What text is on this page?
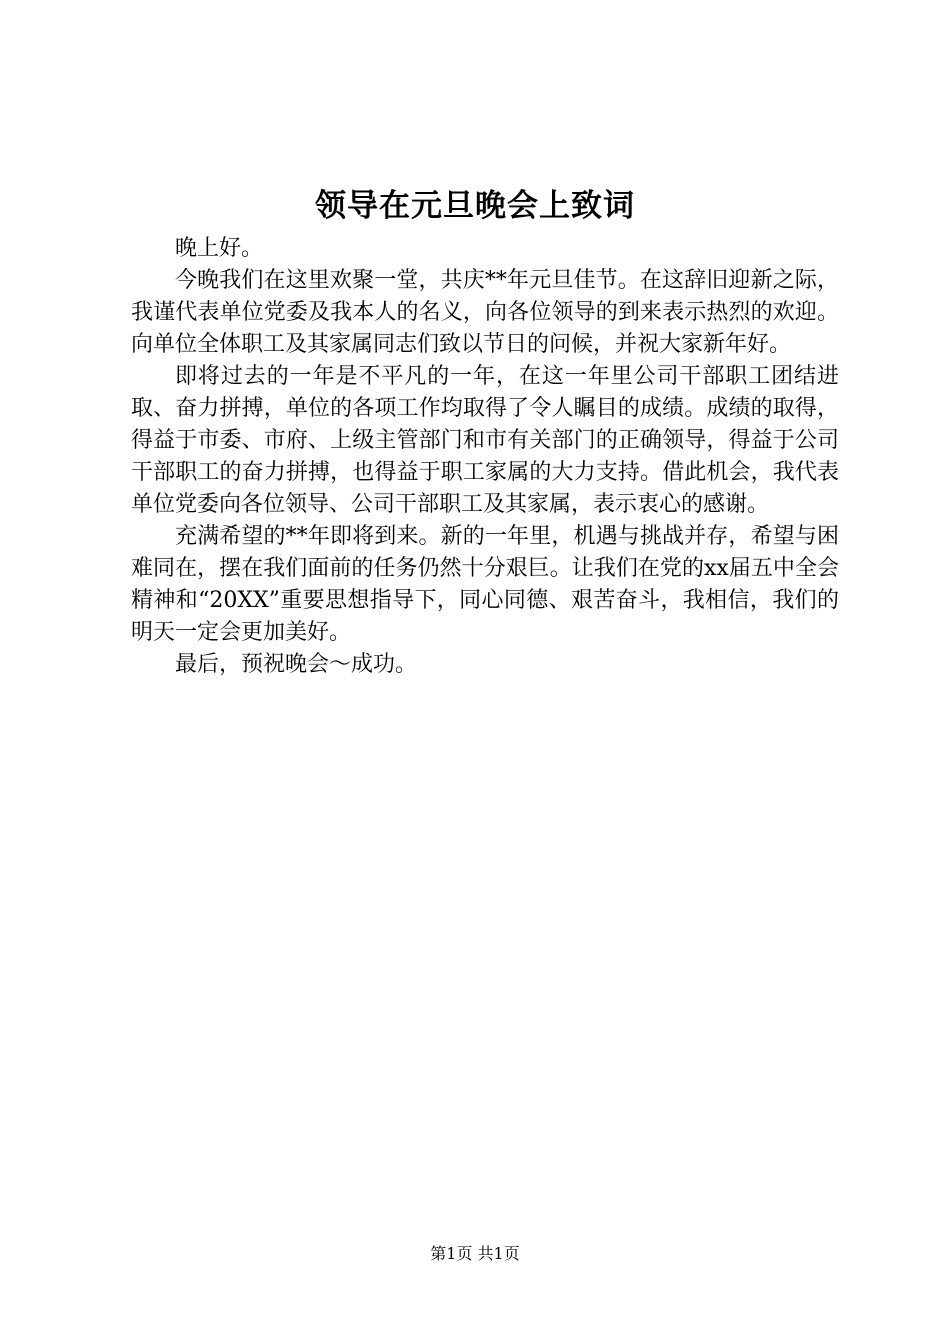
领导在元旦晚会上致词

晚上好。

今晚我们在这里欢聚一堂，共庆**年元旦佳节。在这辞旧迎新之际，我谨代表单位党委及我本人的名义，向各位领导的到来表示热烈的欢迎。向单位全体职工及其家属同志们致以节日的问候，并祝大家新年好。

即将过去的一年是不平凡的一年，在这一年里公司干部职工团结进取、奋力拼搏，单位的各项工作均取得了令人瞩目的成绩。成绩的取得，得益于市委、市府、上级主管部门和市有关部门的正确领导，得益于公司干部职工的奋力拼搏，也得益于职工家属的大力支持。借此机会，我代表单位党委向各位领导、公司干部职工及其家属，表示衷心的感谢。

充满希望的**年即将到来。新的一年里，机遇与挑战并存，希望与困难同在，摆在我们面前的任务仍然十分艰巨。让我们在党的xx届五中全会精神和“20XX”重要思想指导下，同心同德、艰苦奋斗，我相信，我们的明天一定会更加美好。

最后，预祝晚会～成功。

第1页 共1页
